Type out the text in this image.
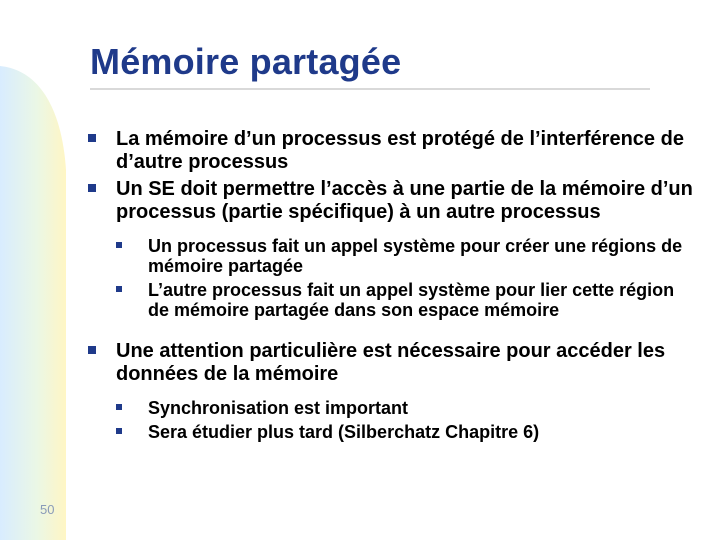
Mémoire partagée
La mémoire d’un processus est protégé de l’interférence de d’autre processus
Un SE doit permettre l’accès à une partie de la mémoire d’un processus (partie spécifique) à un autre processus
Un processus fait un appel système pour créer une régions de mémoire partagée
L’autre processus fait un appel système pour lier cette région de mémoire partagée dans son espace mémoire
Une attention particulière est nécessaire pour accéder les données de la mémoire
Synchronisation est important
Sera étudier plus tard (Silberchatz Chapitre 6)
50
